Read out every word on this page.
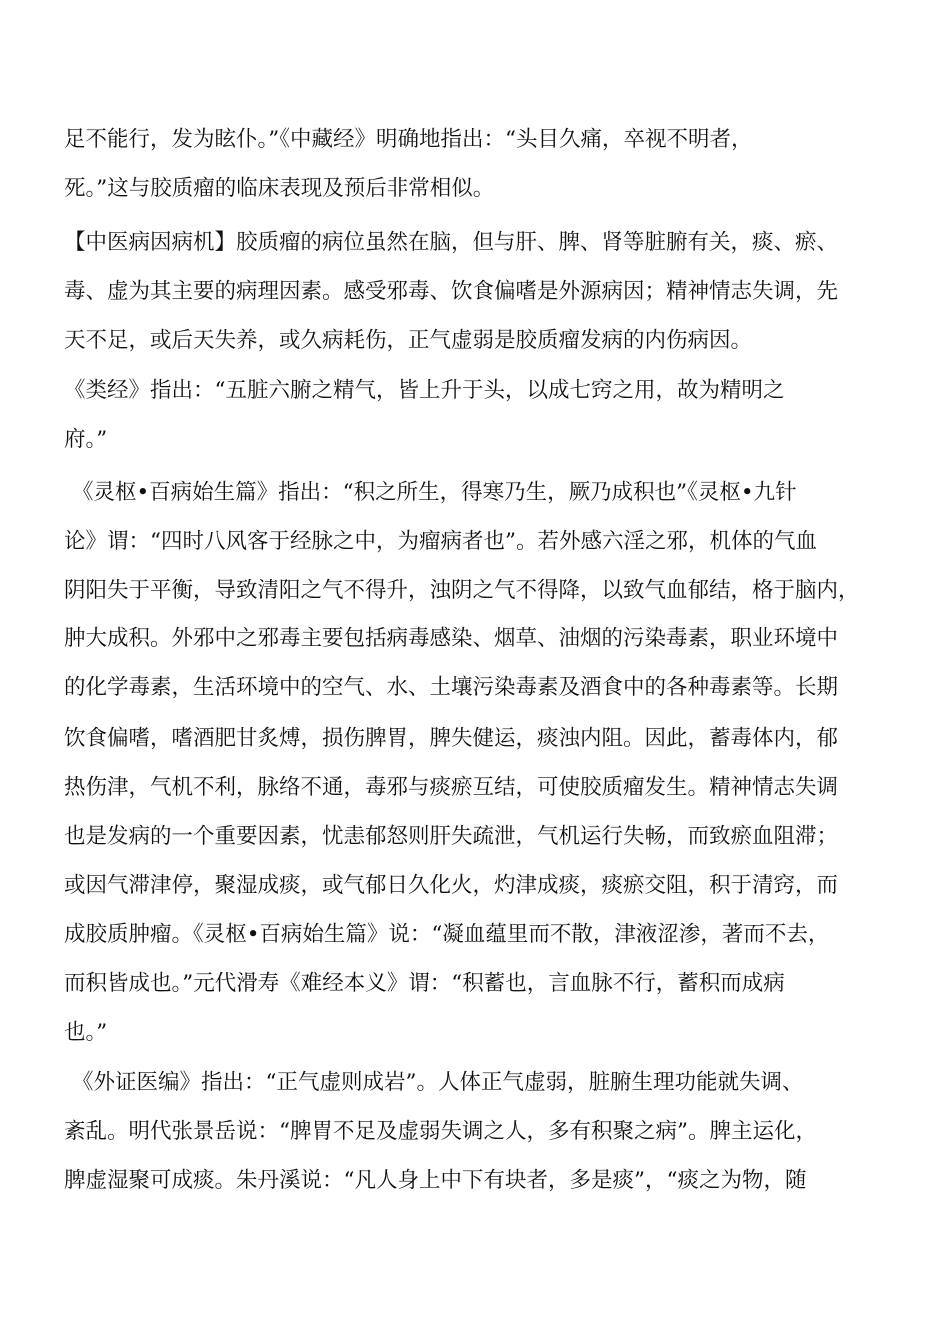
足不能行，发为眩仆。”《中藏经》明确地指出：“头目久痛，卒视不明者，
死。”这与胶质瘤的临床表现及预后非常相似。
【中医病因病机】胶质瘤的病位虽然在脑，但与肝、脾、肾等脏腑有关，痰、瘀、
毒、虚为其主要的病理因素。感受邪毒、饮食偏嗜是外源病因；精神情志失调，先
天不足，或后天失养，或久病耗伤，正气虚弱是胶质瘤发病的内伤病因。
《类经》指出：“五脏六腑之精气，皆上升于头，以成七窍之用，故为精明之
府。”
《灵枢•百病始生篇》指出：“积之所生，得寒乃生，厥乃成积也”《灵枢•九针
论》谓：“四时八风客于经脉之中，为瘤病者也”。若外感六淫之邪，机体的气血
阴阳失于平衡，导致清阳之气不得升，浊阴之气不得降，以致气血郁结，格于脑内，
肿大成积。外邪中之邪毒主要包括病毒感染、烟草、油烟的污染毒素，职业环境中
的化学毒素，生活环境中的空气、水、土壤污染毒素及酒食中的各种毒素等。长期
饮食偏嗜，嗜酒肥甘炙煿，损伤脾胃，脾失健运，痰浊内阻。因此，蓄毒体内，郁
热伤津，气机不利，脉络不通，毒邪与痰瘀互结，可使胶质瘤发生。精神情志失调
也是发病的一个重要因素，忧恚郁怒则肝失疏泄，气机运行失畅，而致瘀血阻滞；
或因气滞津停，聚湿成痰，或气郁日久化火，灼津成痰，痰瘀交阻，积于清窍，而
成胶质肿瘤。《灵枢•百病始生篇》说：“凝血蕴里而不散，津液涩渗，著而不去，
而积皆成也。”元代滑寿《难经本义》谓：“积蓄也，言血脉不行，蓄积而成病
也。”
《外证医编》指出：“正气虚则成岩”。人体正气虚弱，脏腑生理功能就失调、
紊乱。明代张景岳说：“脾胃不足及虚弱失调之人，多有积聚之病”。脾主运化，
脾虚湿聚可成痰。朱丹溪说：“凡人身上中下有块者，多是痰”，“痰之为物，随
